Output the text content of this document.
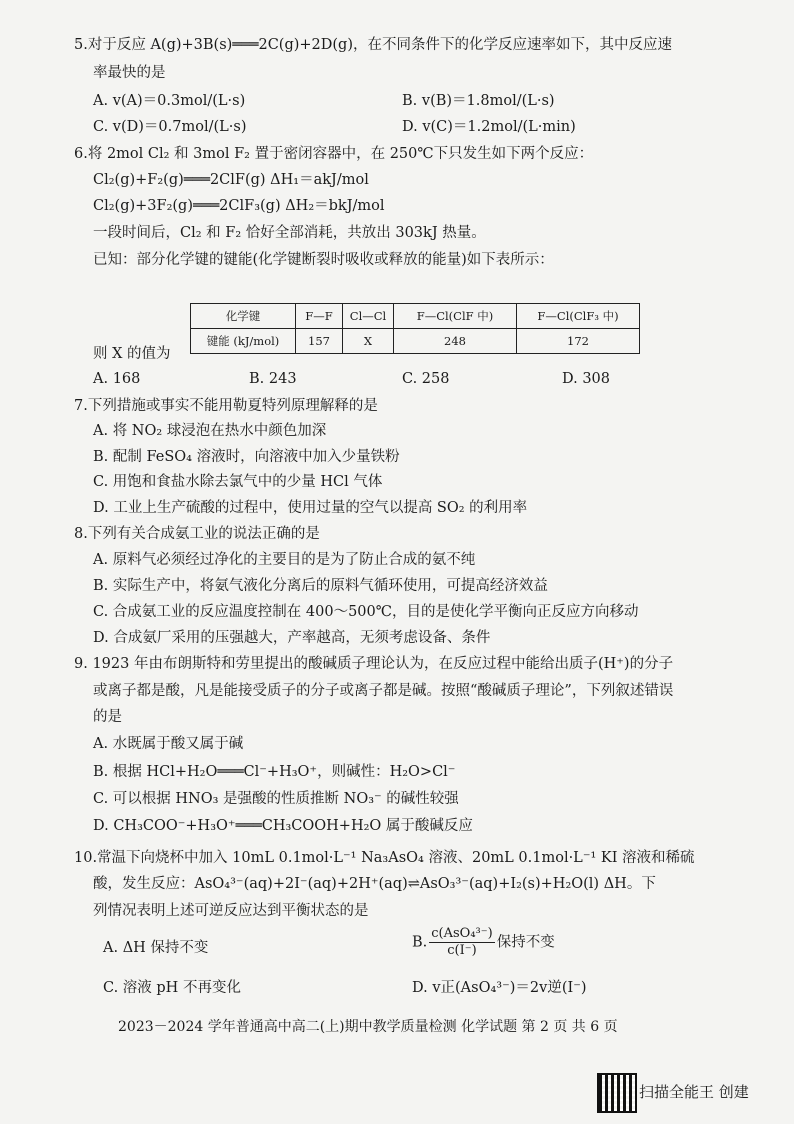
5.对于反应 A(g)+3B(s)═══2C(g)+2D(g)，在不同条件下的化学反应速率如下，其中反应速
率最快的是
A. v(A)＝0.3mol/(L·s)	B. v(B)＝1.8mol/(L·s)
C. v(D)＝0.7mol/(L·s)	D. v(C)＝1.2mol/(L·min)
6.将 2mol Cl₂ 和 3mol F₂ 置于密闭容器中，在 250℃下只发生如下两个反应：
Cl₂(g)+F₂(g)═══2ClF(g) ΔH₁＝akJ/mol
Cl₂(g)+3F₂(g)═══2ClF₃(g) ΔH₂＝bkJ/mol
一段时间后，Cl₂ 和 F₂ 恰好全部消耗，共放出 303kJ 热量。
已知：部分化学键的键能(化学键断裂时吸收或释放的能量)如下表所示：
化学键	F—F	Cl—Cl	F—Cl(ClF 中)	F—Cl(ClF₃ 中)
键能 (kJ/mol)	157	X	248	172
则 X 的值为
A. 168	B. 243	C. 258	D. 308
7.下列措施或事实不能用勒夏特列原理解释的是
A. 将 NO₂ 球浸泡在热水中颜色加深
B. 配制 FeSO₄ 溶液时，向溶液中加入少量铁粉
C. 用饱和食盐水除去氯气中的少量 HCl 气体
D. 工业上生产硫酸的过程中，使用过量的空气以提高 SO₂ 的利用率
8.下列有关合成氨工业的说法正确的是
A. 原料气必须经过净化的主要目的是为了防止合成的氨不纯
B. 实际生产中，将氨气液化分离后的原料气循环使用，可提高经济效益
C. 合成氨工业的反应温度控制在 400～500℃，目的是使化学平衡向正反应方向移动
D. 合成氨厂采用的压强越大，产率越高，无须考虑设备、条件
9. 1923 年由布朗斯特和劳里提出的酸碱质子理论认为，在反应过程中能给出质子(H⁺)的分子
或离子都是酸，凡是能接受质子的分子或离子都是碱。按照“酸碱质子理论”，下列叙述错误
的是
A. 水既属于酸又属于碱
B. 根据 HCl+H₂O═══Cl⁻+H₃O⁺，则碱性：H₂O>Cl⁻
C. 可以根据 HNO₃ 是强酸的性质推断 NO₃⁻ 的碱性较强
D. CH₃COO⁻+H₃O⁺═══CH₃COOH+H₂O 属于酸碱反应
10.常温下向烧杯中加入 10mL 0.1mol·L⁻¹ Na₃AsO₄ 溶液、20mL 0.1mol·L⁻¹ KI 溶液和稀硫
酸，发生反应：AsO₄³⁻(aq)+2I⁻(aq)+2H⁺(aq)⇌AsO₃³⁻(aq)+I₂(s)+H₂O(l) ΔH。下
列情况表明上述可逆反应达到平衡状态的是
A. ΔH 保持不变	B. $\frac{\text{c(AsO₄³⁻)}}{c(I^-)}$ 保持不变
C. 溶液 pH 不再变化	D. v正(AsO₄³⁻)＝2v逆(I⁻)
2023－2024 学年普通高中高二(上)期中教学质量检测 化学试题 第 2 页 共 6 页
扫描全能王 创建
